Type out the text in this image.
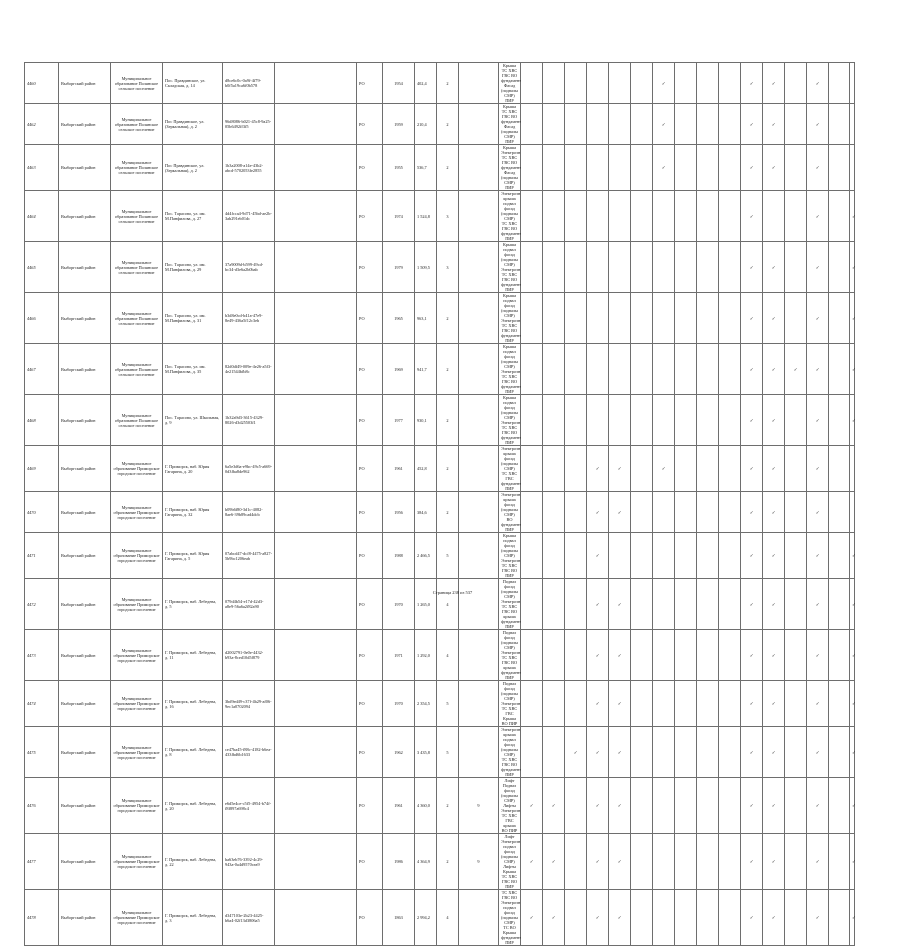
4460	Выборгский район	Муниципальное образование Полянское сельское поселение	Пос. Правдинское, ул. Складская, д. 14	d8ce6c0c-0a9f-4f79-b0f5a19ca6f0b578		РО	1954	402,4	2		Крыша ТС ХВС ГВС ВО фундамент Фасад (подвалы СМР) ПИР							✓				✓	✓		✓		
4462	Выборгский район	Муниципальное образование Полянское сельское поселение	Пос Правдинское, ул. (Зеркальная), д. 2	96d8086-b021-45c8-9a25-05b6492ff3f5		РО	1959	210,4	2		Крыша ТС ХВС ГВС ВО фундамент Фасад (подвалы СМР) ПИР							✓				✓	✓		✓		
4463	Выборгский район	Муниципальное образование Полянское сельское поселение	Пос Правдинское, ул. (Зеркальная), д. 2	1b3a2008-a14e-43b2-abcd-5702053fe2855		РО	1955	536,7	2		Крыша Электроэн ТС ХВС ГВС ВО фундамент Фасад (подвалы СМР) ПИР							✓				✓	✓		✓		
4464	Выборгский район	Муниципальное образование Полянское сельское поселение	Пос. Тарасово, ул. им. М.Панфилова, д. 27	4d4fcca4-9d71-45bd-ae2b-3ab291eb01dc		РО	1974	1 524,8	3		Электроэн крыша подвал фасад (подвалы СМР) ТС ХВС ГВС ВО фундамент ПИР											✓			✓		✓
4465	Выборгский район	Муниципальное образование Полянское сельское поселение	Пос. Тарасово, ул. им. М.Панфилова, д. 29	37a9009d-b599-49cd-bc34-d3e6a2b0bab		РО	1979	1 509,5	3		Крыша подвал фасад (подвалы СМР) Электроэн ТС ХВС ГВС ВО фундамент ПИР											✓	✓		✓		✓
4466	Выборгский район	Муниципальное образование Полянское сельское поселение	Пос. Тарасово, ул. им. М.Панфилова, д. 31	b3d8e0cd-b41a-47e9-8e49-436a5f12c3eb		РО	1965	963,1	2		Крыша подвал фасад (подвалы СМР) Электроэн ТС ХВС ГВС ВО фундамент ПИР											✓	✓		✓		✓
4467	Выборгский район	Муниципальное образование Полянское сельское поселение	Пос. Тарасово, ул. им. М.Панфилова, д. 35	82d0df49-009e-4e26-a5f3-4e21544bfb8c		РО	1969	941,7	2		Крыша подвал фасад (подвалы СМР) Электроэн ТС ХВС ГВС ВО фундамент ПИР											✓	✓	✓	✓		✓
4468	Выборгский район	Муниципальное образование Полянское сельское поселение	Пос. Тарасово, ул. Школьная, д. 9	1b32a9d3-3615-4329-8026-d3d25503f1		РО	1977	930,1	2		Крыша подвал фасад (подвалы СМР) Электроэн ТС ХВС ГВС ВО фундамент ПИР											✓	✓		✓		✓
4469	Выборгский район	Муниципальное образование Приморское городское поселение	Г. Приморск, наб. Юрия Гагарина, д. 20	6a5e3d6a-e9bc-49c5-a669-0d3fba8de962		РО	1961	452,8	2		Электроэн крыша фасад (подвалы СМР) ТС ХВС ГВС фундамент ПИР				✓	✓		✓				✓	✓		✓		
4470	Выборгский район	Муниципальное образование Приморское городское поселение	Г. Приморск, наб. Юрия Гагарина, д. 32	b09b6f80-3d1c-4082-8ae6-39b89cad4dcb		РО	1956	384,6	2		Электроэн крыша фасад (подвалы СМР) ВО фундамент ПИР				✓	✓						✓	✓		✓		
4471	Выборгский район	Муниципальное образование Приморское городское поселение	Г. Приморск, наб. Юрия Гагарина, д. 5	07abcd47-dcf8-4475-a827-5b9bc1206eab		РО	1988	2 466,5	5		Крыша подвал фасад (подвалы СМР) Электроэн ТС ХВС ГВС ВО ПИР				✓							✓	✓		✓		✓
4472	Выборгский район	Муниципальное образование Приморское городское поселение	Г. Приморск, наб. Лебедева, д. 5	079d4b54-e17d-42d3-a8e9-56a6a2f82a90		РО	1970	1 265,0	4		Подвал фасад (подвалы СМР) Электроэн ТС ХВС ГВС ВО крыша фундамент ПИР				✓	✓						✓	✓		✓		✓
4473	Выборгский район	Муниципальное образование Приморское городское поселение	Г. Приморск, наб. Лебедева, д. 11	d2002791-0e0e-4432-b93a-8ced10d5f879		РО	1971	1 292,0	4		Подвал фасад (подвалы СМР) Электроэн ТС ХВС ГВС ВО крыша фундамент ПИР				✓	✓						✓	✓		✓		✓
4474	Выборгский район	Муниципальное образование Приморское городское поселение	Г. Приморск, наб. Лебедева, д. 16	3bd9ed49-c37f-4b29-af06-9ec1a0702094		РО	1970	2 354,5	5		Подвал фасад (подвалы СМР) Электроэн ТС ХВС ГВС Крыша ВО ПИР				✓	✓						✓	✓		✓		✓
4475	Выборгский район	Муниципальное образование Приморское городское поселение	Г. Приморск, наб. Лебедева, д. 8	ce47ba45-f88c-4182-b6ea-433fbd6b1633		РО	1962	3 435,8	5		Электроэн крыша подвал фасад (подвалы СМР) ТС ХВС ГВС ВО фундамент ПИР			✓	✓	✓						✓	✓		✓		✓
4476	Выборгский район	Муниципальное образование Приморское городское поселение	Г. Приморск, наб. Лебедева, д. 20	e6d5e4ce-c5f5-4954-b74f-f8f897a698c4		РО	1961	4 360,0	2	9	Лифт Подвал фасад (подвалы СМР) Лифты Электроэн ТС ХВС ГВС крыша ВО ПИР	✓	✓		✓	✓						✓	✓		✓		✓
4477	Выборгский район	Муниципальное образование Приморское городское поселение	Г. Приморск, наб. Лебедева, д. 22	ba63eb76-3392-4c29-943a-0a4d9570cea9		РО	1986	4 364,9	2	9	Лифт Электроэн подвал фасад (подвалы СМР) Лифты Крыша ТС ХВС ГВС ВО ПИР	✓	✓		✓	✓						✓	✓		✓		✓
4478	Выборгский район	Муниципальное образование Приморское городское поселение	Г. Приморск, наб. Лебедева, д. 3	d347103e-2b23-4425-b6a4-02f13d3806a5		РО	1863	2 994,2	4		ТС ХВС ГВС ВО Электроэн подвал фасад (подвалы СМР) ТС ВО Крыша фундамент ПИР	✓	✓		✓	✓						✓	✓		✓		✓
Страница 238 из 537
